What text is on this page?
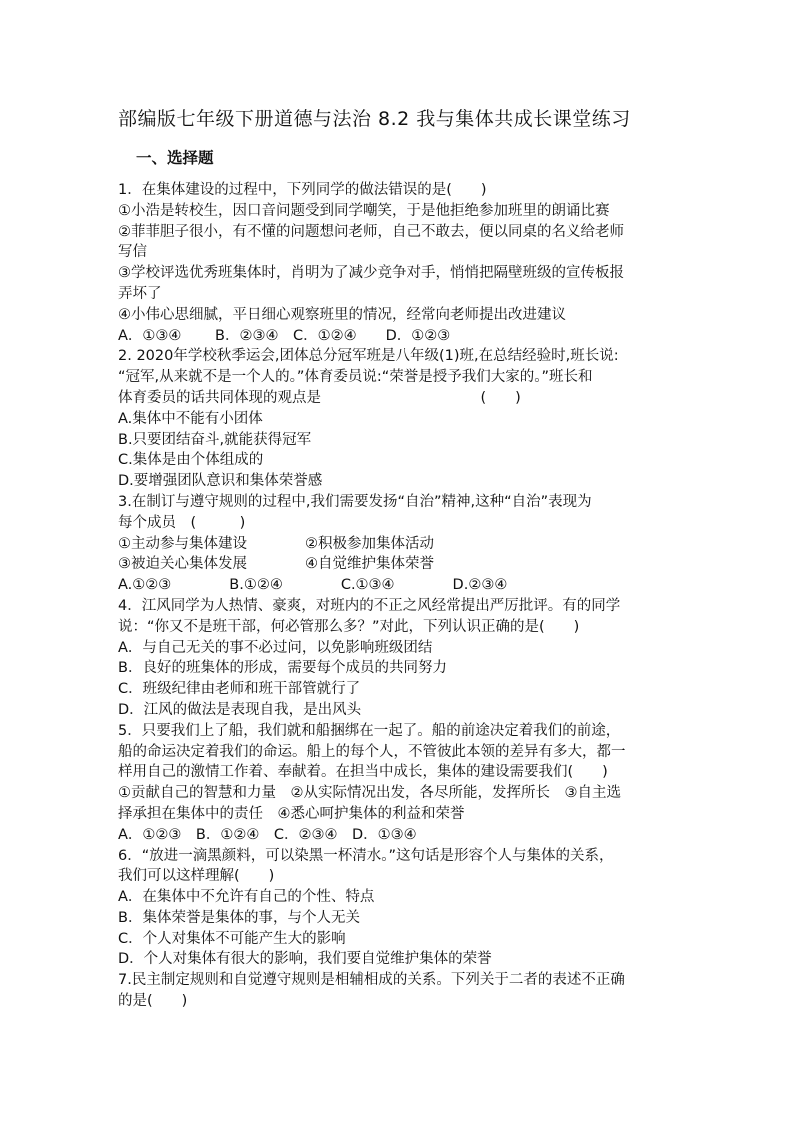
部编版七年级下册道德与法治 8.2 我与集体共成长课堂练习
一、选择题
1．在集体建设的过程中，下列同学的做法错误的是(　　)
①小浩是转校生，因口音问题受到同学嘲笑，于是他拒绝参加班里的朗诵比赛
②菲菲胆子很小，有不懂的问题想问老师，自己不敢去，便以同桌的名义给老师
写信
③学校评选优秀班集体时，肖明为了减少竞争对手，悄悄把隔壁班级的宣传板报
弄坏了
④小伟心思细腻，平日细心观察班里的情况，经常向老师提出改进建议
A．①③④　　 B．②③④　C．①②④　　D．①②③
2. 2020年学校秋季运会,团体总分冠军班是八年级(1)班,在总结经验时,班长说:
“冠军,从来就不是一个人的。”体育委员说:“荣誉是授予我们大家的。”班长和
体育委员的话共同体现的观点是　　　　　　　　　　　(　　)
A.集体中不能有小团体
B.只要团结奋斗,就能获得冠军
C.集体是由个体组成的
D.要增强团队意识和集体荣誉感
3.在制订与遵守规则的过程中,我们需要发扬“自治”精神,这种“自治”表现为
每个成员　(　　　)
①主动参与集体建设　　　　②积极参加集体活动
③被迫关心集体发展　　　　④自觉维护集体荣誉
A.①②③　　　　B.①②④　　　　C.①③④　　　　D.②③④
4．江风同学为人热情、豪爽，对班内的不正之风经常提出严厉批评。有的同学
说：“你又不是班干部，何必管那么多？”对此，下列认识正确的是(　　)
A．与自己无关的事不必过问，以免影响班级团结
B．良好的班集体的形成，需要每个成员的共同努力
C．班级纪律由老师和班干部管就行了
D．江风的做法是表现自我，是出风头
5．只要我们上了船，我们就和船捆绑在一起了。船的前途决定着我们的前途，
船的命运决定着我们的命运。船上的每个人，不管彼此本领的差异有多大，都一
样用自己的激情工作着、奉献着。在担当中成长，集体的建设需要我们(　　)
①贡献自己的智慧和力量　②从实际情况出发，各尽所能，发挥所长　③自主选
择承担在集体中的责任　④悉心呵护集体的利益和荣誉
A．①②③　B．①②④　C．②③④　D．①③④
6．“放进一滴黑颜料，可以染黑一杯清水。”这句话是形容个人与集体的关系，
我们可以这样理解(　　)
A．在集体中不允许有自己的个性、特点
B．集体荣誉是集体的事，与个人无关
C．个人对集体不可能产生大的影响
D．个人对集体有很大的影响，我们要自觉维护集体的荣誉
7.民主制定规则和自觉遵守规则是相辅相成的关系。下列关于二者的表述不正确
的是(　　)
